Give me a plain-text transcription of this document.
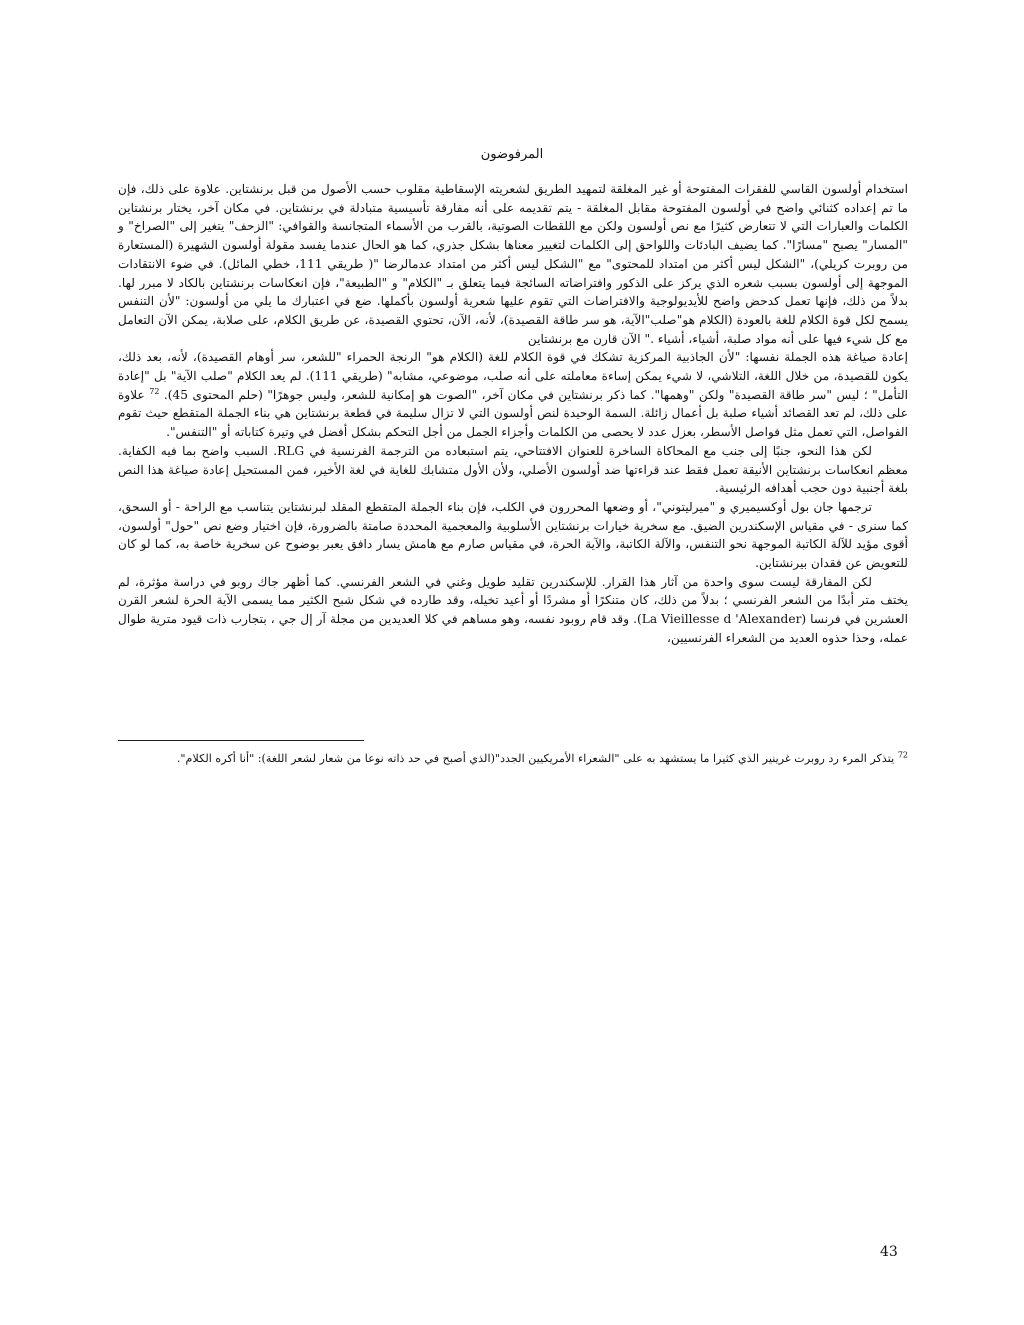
المرفوضون

استخدام أولسون القاسي للفقرات المفتوحة أو غير المغلقة لتمهيد الطريق لشعريته الإسقاطية مقلوب حسب الأصول من قبل برنشتاين. علاوة على ذلك، فإن ما تم إعداده كثنائي واضح في أولسون المفتوحة مقابل المغلقة - يتم تقديمه على أنه مفارقة تأسيسية متبادلة في برنشتاين. في مكان آخر، يختار برنشتاين الكلمات والعبارات التي لا تتعارض كثيرًا مع نص أولسون ولكن مع اللقطات الصوتية، بالقرب من الأسماء المتجانسة والقوافي: "الزحف" يتغير إلى "الصراخ" و "المسار" يصبح "مسارًا". كما يضيف البادئات واللواحق إلى الكلمات لتغيير معناها بشكل جذري، كما هو الحال عندما يفسد مقولة أولسون الشهيرة (المستعارة من روبرت كريلي)، "الشكل ليس أكثر من امتداد للمحتوى" مع "الشكل ليس أكثر من امتداد عدمالرضا "( طريقي 111، خطي المائل). في ضوء الانتقادات الموجهة إلى أولسون بسبب شعره الذي يركز على الذكور وافتراضاته السائجة فيما يتعلق بـ "الكلام" و "الطبيعة"، فإن انعكاسات برنشتاين بالكاد لا مبرر لها. بدلاً من ذلك، فإنها تعمل كدحض واضح للأيديولوجية والافتراضات التي تقوم عليها شعرية أولسون بأكملها. ضع في اعتبارك ما يلي من أولسون: "لأن التنفس يسمح لكل قوة الكلام للغة بالعودة (الكلام هو"صلب"الآية، هو سر طاقة القصيدة)، لأنه، الآن، تحتوي القصيدة، عن طريق الكلام، على صلابة، يمكن الآن التعامل مع كل شيء فيها على أنه مواد صلبة، أشياء، أشياء ." الآن قارن مع برنشتاين

إعادة صياغة هذه الجملة نفسها: "لأن الجاذبية المركزية تشكك في قوة الكلام للغة (الكلام هو" الرنجة الحمراء "للشعر، سر أوهام القصيدة)، لأنه، بعد ذلك، يكون للقصيدة، من خلال اللغة، التلاشي، لا شيء يمكن إساءة معاملته على أنه صلب، موضوعي، مشابه" (طريقي 111). لم يعد الكلام "صلب الآية" بل "إعادة التأمل" ؛ ليس "سر طاقة القصيدة" ولكن "وهمها". كما ذكر برنشتاين في مكان آخر، "الصوت هو إمكانية للشعر، وليس جوهرًا" (حلم المحتوى 45). $^{72}$ علاوة على ذلك، لم تعد القصائد أشياء صلبة بل أعمال زائلة. السمة الوحيدة لنص أولسون التي لا تزال سليمة في قطعة برنشتاين هي بناء الجملة المتقطع حيث تقوم الفواصل، التي تعمل مثل فواصل الأسطر، بعزل عدد لا يحصى من الكلمات وأجزاء الجمل من أجل التحكم بشكل أفضل في وتيرة كتاباته أو "التنفس".

لكن هذا النحو، جنبًا إلى جنب مع المحاكاة الساخرة للعنوان الافتتاحي، يتم استبعاده من الترجمة الفرنسية في RLG. السبب واضح بما فيه الكفاية. معظم انعكاسات برنشتاين الأنيقة تعمل فقط عند قراءتها ضد أولسون الأصلي، ولأن الأول متشابك للغاية في لغة الأخير، فمن المستحيل إعادة صياغة هذا النص بلغة أجنبية دون حجب أهدافه الرئيسية.

ترجمها جان بول أوكسيميري و "ميرليتوني"، أو وضعها المحررون في الكلب، فإن بناء الجملة المتقطع المقلد لبرنشتاين يتناسب مع الراحة - أو السحق، كما سنرى - في مقياس الإسكندرين الضيق. مع سخرية خيارات برنشتاين الأسلوبية والمعجمية المحددة صامتة بالضرورة، فإن اختيار وضع نص "حول" أولسون، أقوى مؤيد للآلة الكاتبة الموجهة نحو التنفس، والآلة الكاتبة، والآية الحرة، في مقياس صارم مع هامش يسار دافق يعبر بوضوح عن سخرية خاصة به، كما لو كان للتعويض عن فقدان بيرنشتاين.

لكن المفارقة ليست سوى واحدة من آثار هذا القرار. للإسكندرين تقليد طويل وغني في الشعر الفرنسي. كما أظهر جاك روبو في دراسة مؤثرة، لم يختف متر أبدًا من الشعر الفرنسي ؛ بدلاً من ذلك، كان متنكرًا أو مشردًا أو أعيد تخيله، وقد طارده في شكل شبح الكثير مما يسمى الآية الحرة لشعر القرن العشرين في فرنسا (La Vieillesse d 'Alexander). وقد قام روبود نفسه، وهو مساهم في كلا العديدين من مجلة آر إل جي ، بتجارب ذات قيود مترية طوال عمله، وحذا حذوه العديد من الشعراء الفرنسيين،

$^{72}$ يتذكر المرء رد روبرت غرينير الذي كثيرا ما يستشهد به على "الشعراء الأمريكيين الجدد"(الذي أصبح في حد ذاته نوعا من شعار لشعر اللغة): "أنا أكره الكلام".
43
